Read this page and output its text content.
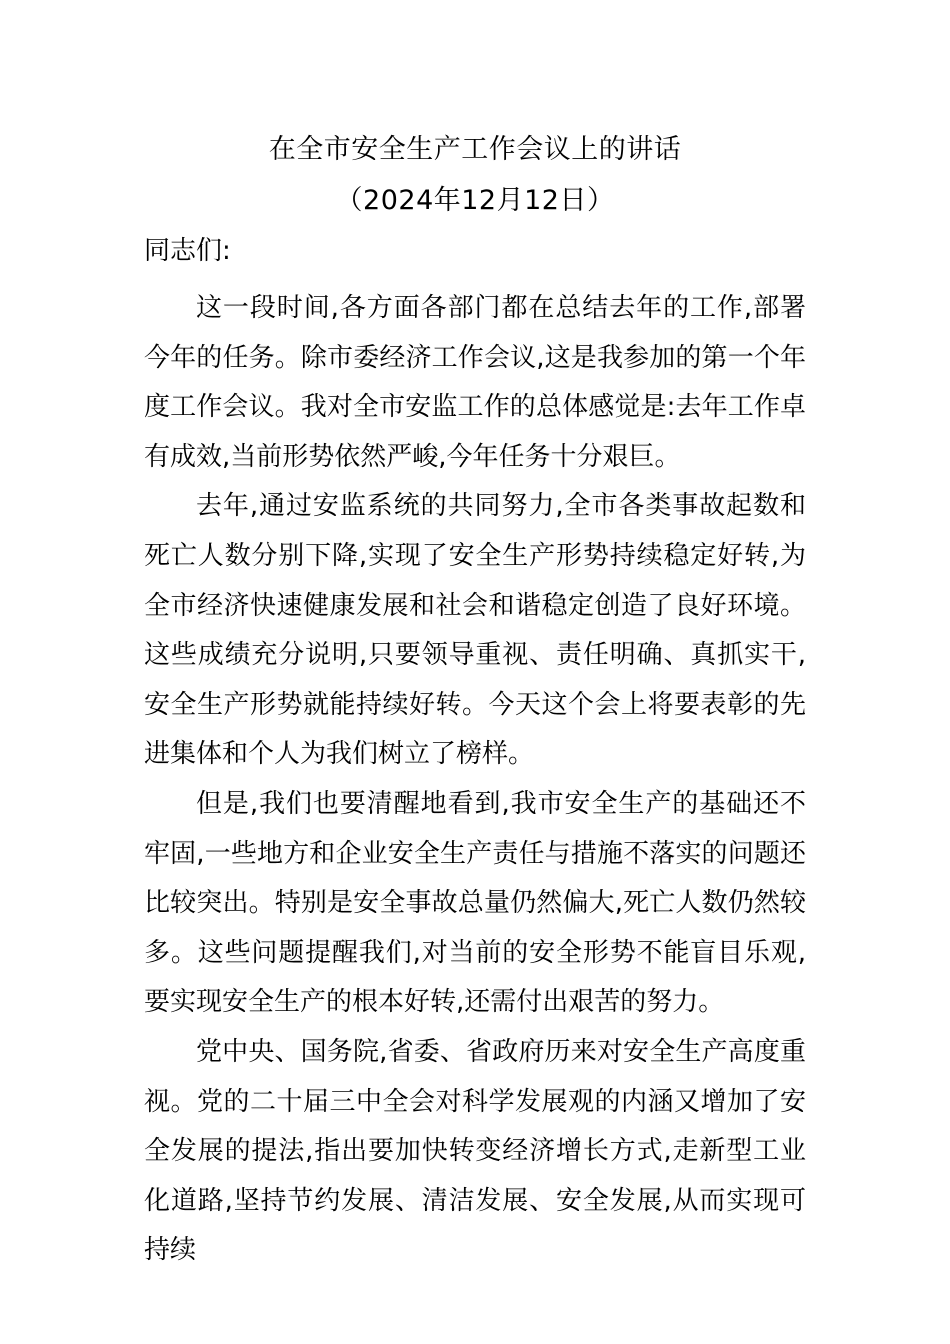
在全市安全生产工作会议上的讲话
（2024年12月12日）
同志们:

这一段时间,各方面各部门都在总结去年的工作,部署今年的任务。除市委经济工作会议,这是我参加的第一个年度工作会议。我对全市安监工作的总体感觉是:去年工作卓有成效,当前形势依然严峻,今年任务十分艰巨。

去年,通过安监系统的共同努力,全市各类事故起数和死亡人数分别下降,实现了安全生产形势持续稳定好转,为全市经济快速健康发展和社会和谐稳定创造了良好环境。这些成绩充分说明,只要领导重视、责任明确、真抓实干,安全生产形势就能持续好转。今天这个会上将要表彰的先进集体和个人为我们树立了榜样。

但是,我们也要清醒地看到,我市安全生产的基础还不牢固,一些地方和企业安全生产责任与措施不落实的问题还比较突出。特别是安全事故总量仍然偏大,死亡人数仍然较多。这些问题提醒我们,对当前的安全形势不能盲目乐观,要实现安全生产的根本好转,还需付出艰苦的努力。

党中央、国务院,省委、省政府历来对安全生产高度重视。党的二十届三中全会对科学发展观的内涵又增加了安全发展的提法,指出要加快转变经济增长方式,走新型工业化道路,坚持节约发展、清洁发展、安全发展,从而实现可持续
